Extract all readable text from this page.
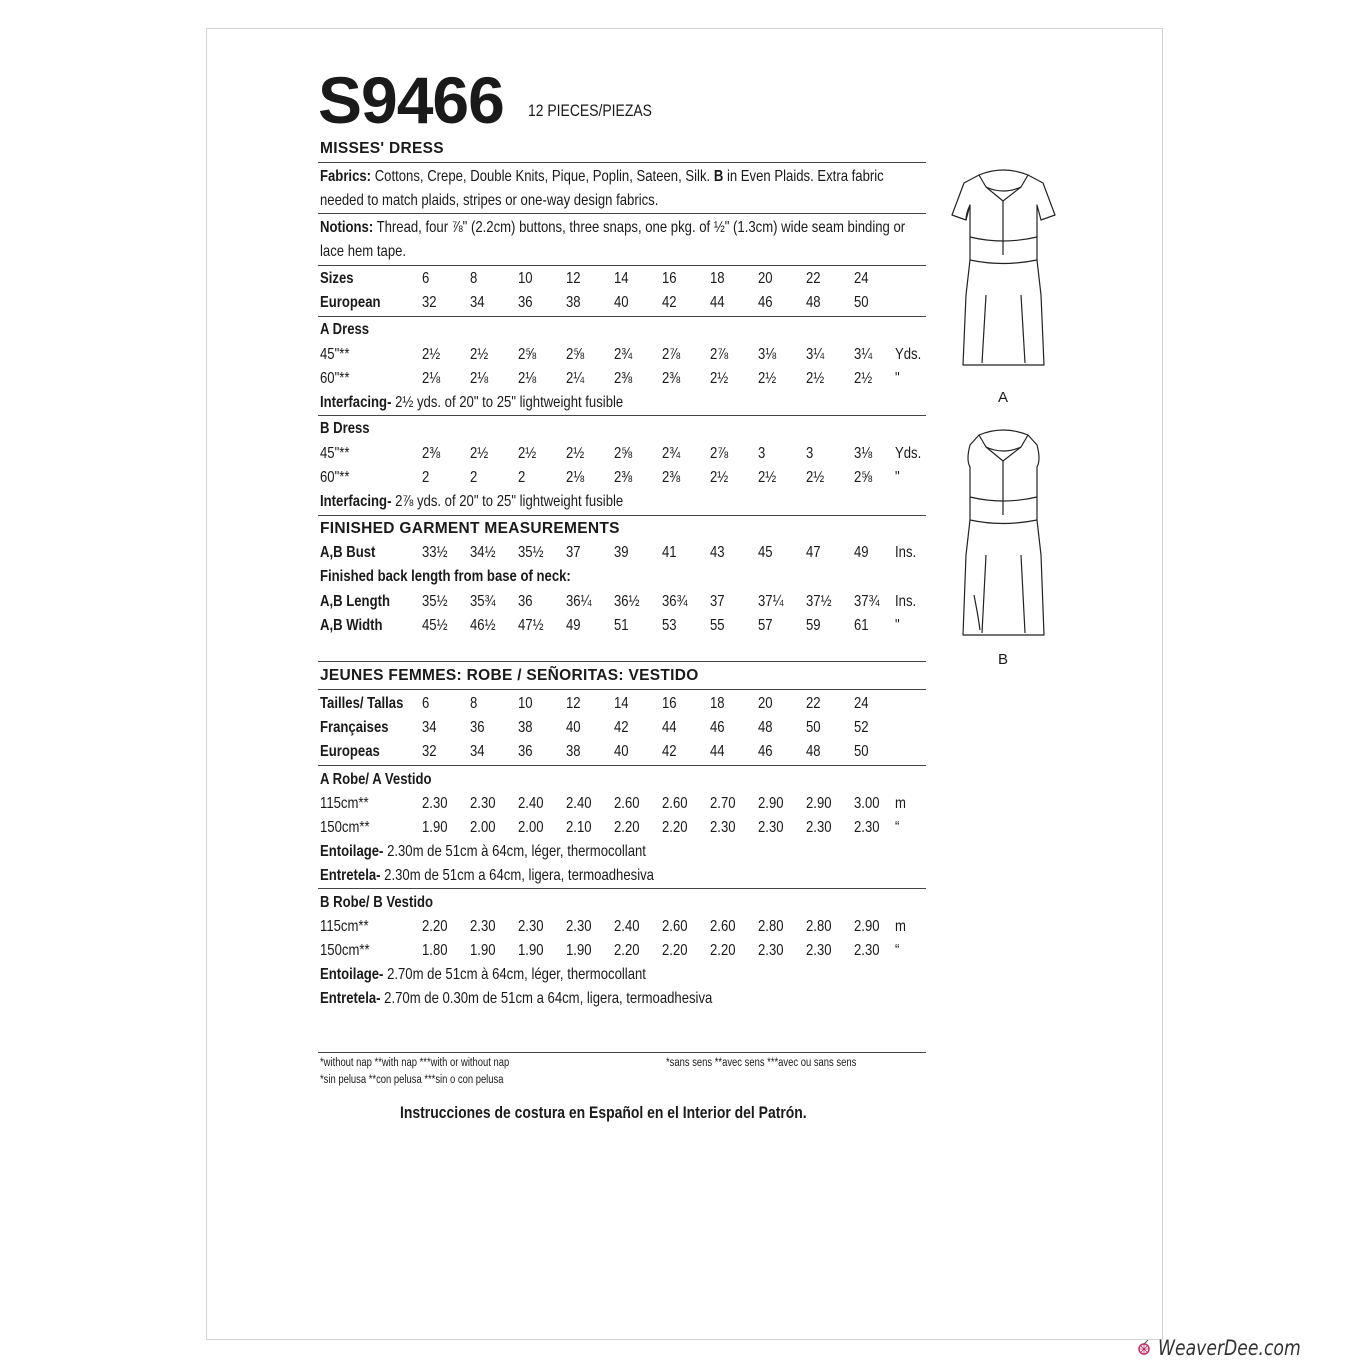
S9466 12 PIECES/PIEZAS
MISSES' DRESS
Fabrics: Cottons, Crepe, Double Knits, Pique, Poplin, Sateen, Silk. B in Even Plaids. Extra fabric needed to match plaids, stripes or one-way design fabrics.
Notions: Thread, four ⅞" (2.2cm) buttons, three snaps, one pkg. of ½" (1.3cm) wide seam binding or lace hem tape.
Sizes	6	8	10 12 14 16 18 20 22 24
European	32 34 36 38 40 42 44 46 48 50
A Dress
45"**	2½ 2½ 2⅝ 2⅝ 2¾ 2⅞ 2⅞ 3⅛ 3¼ 3¼ Yds.
60"**	2⅛ 2⅛ 2⅛ 2¼ 2⅜ 2⅜ 2½ 2½ 2½ 2½ "
Interfacing- 2½ yds. of 20" to 25" lightweight fusible
B Dress
45"**	2⅜ 2½ 2½ 2½ 2⅝ 2¾ 2⅞ 3	3	3⅛ Yds.
60"**	2	2	2	2⅛ 2⅜ 2⅜ 2½ 2½ 2½ 2⅝ "
Interfacing- 2⅞ yds. of 20" to 25" lightweight fusible
FINISHED GARMENT MEASUREMENTS
A,B Bust	33½	34½	35½	37 39 41 43 45 47 49 Ins.
Finished back length from base of neck:
A,B Length	35½	35¾	36 36¼	36½	36¾	37 37¼	37½	37¾ Ins.
A,B Width	45½	46½	47½	49 51 53 55 57 59 61 "
JEUNES FEMMES: ROBE / SEÑORITAS: VESTIDO
Tailles/ Tallas	6	8	10 12 14 16 18 20 22 24
Françaises	34 36 38 40 42 44 46 48 50 52
Europeas	32 34 36 38 40 42 44 46 48 50
A Robe/ A Vestido
115cm**	2.30	2.30	2.40	2.40	2.60	2.60	2.70	2.90	2.90	3.00 m
150cm**	1.90	2.00	2.00	2.10	2.20	2.20	2.30	2.30	2.30	2.30 “
Entoilage- 2.30m de 51cm à 64cm, léger, thermocollant
Entretela- 2.30m de 51cm a 64cm, ligera, termoadhesiva
B Robe/ B Vestido
115cm**	2.20	2.30	2.30	2.30	2.40	2.60	2.60	2.80	2.80	2.90 m
150cm**	1.80	1.90	1.90	1.90	2.20	2.20	2.20	2.30	2.30	2.30 “
Entoilage- 2.70m de 51cm à 64cm, léger, thermocollant
Entretela- 2.70m de 0.30m de 51cm a 64cm, ligera, termoadhesiva
*without nap **with nap ***with or without nap
*sin pelusa **con pelusa ***sin o con pelusa
*sans sens **avec sens ***avec ou sans sens
Instrucciones de costura en Español en el Interior del Patrón.
A
B
WeaverDee.com
